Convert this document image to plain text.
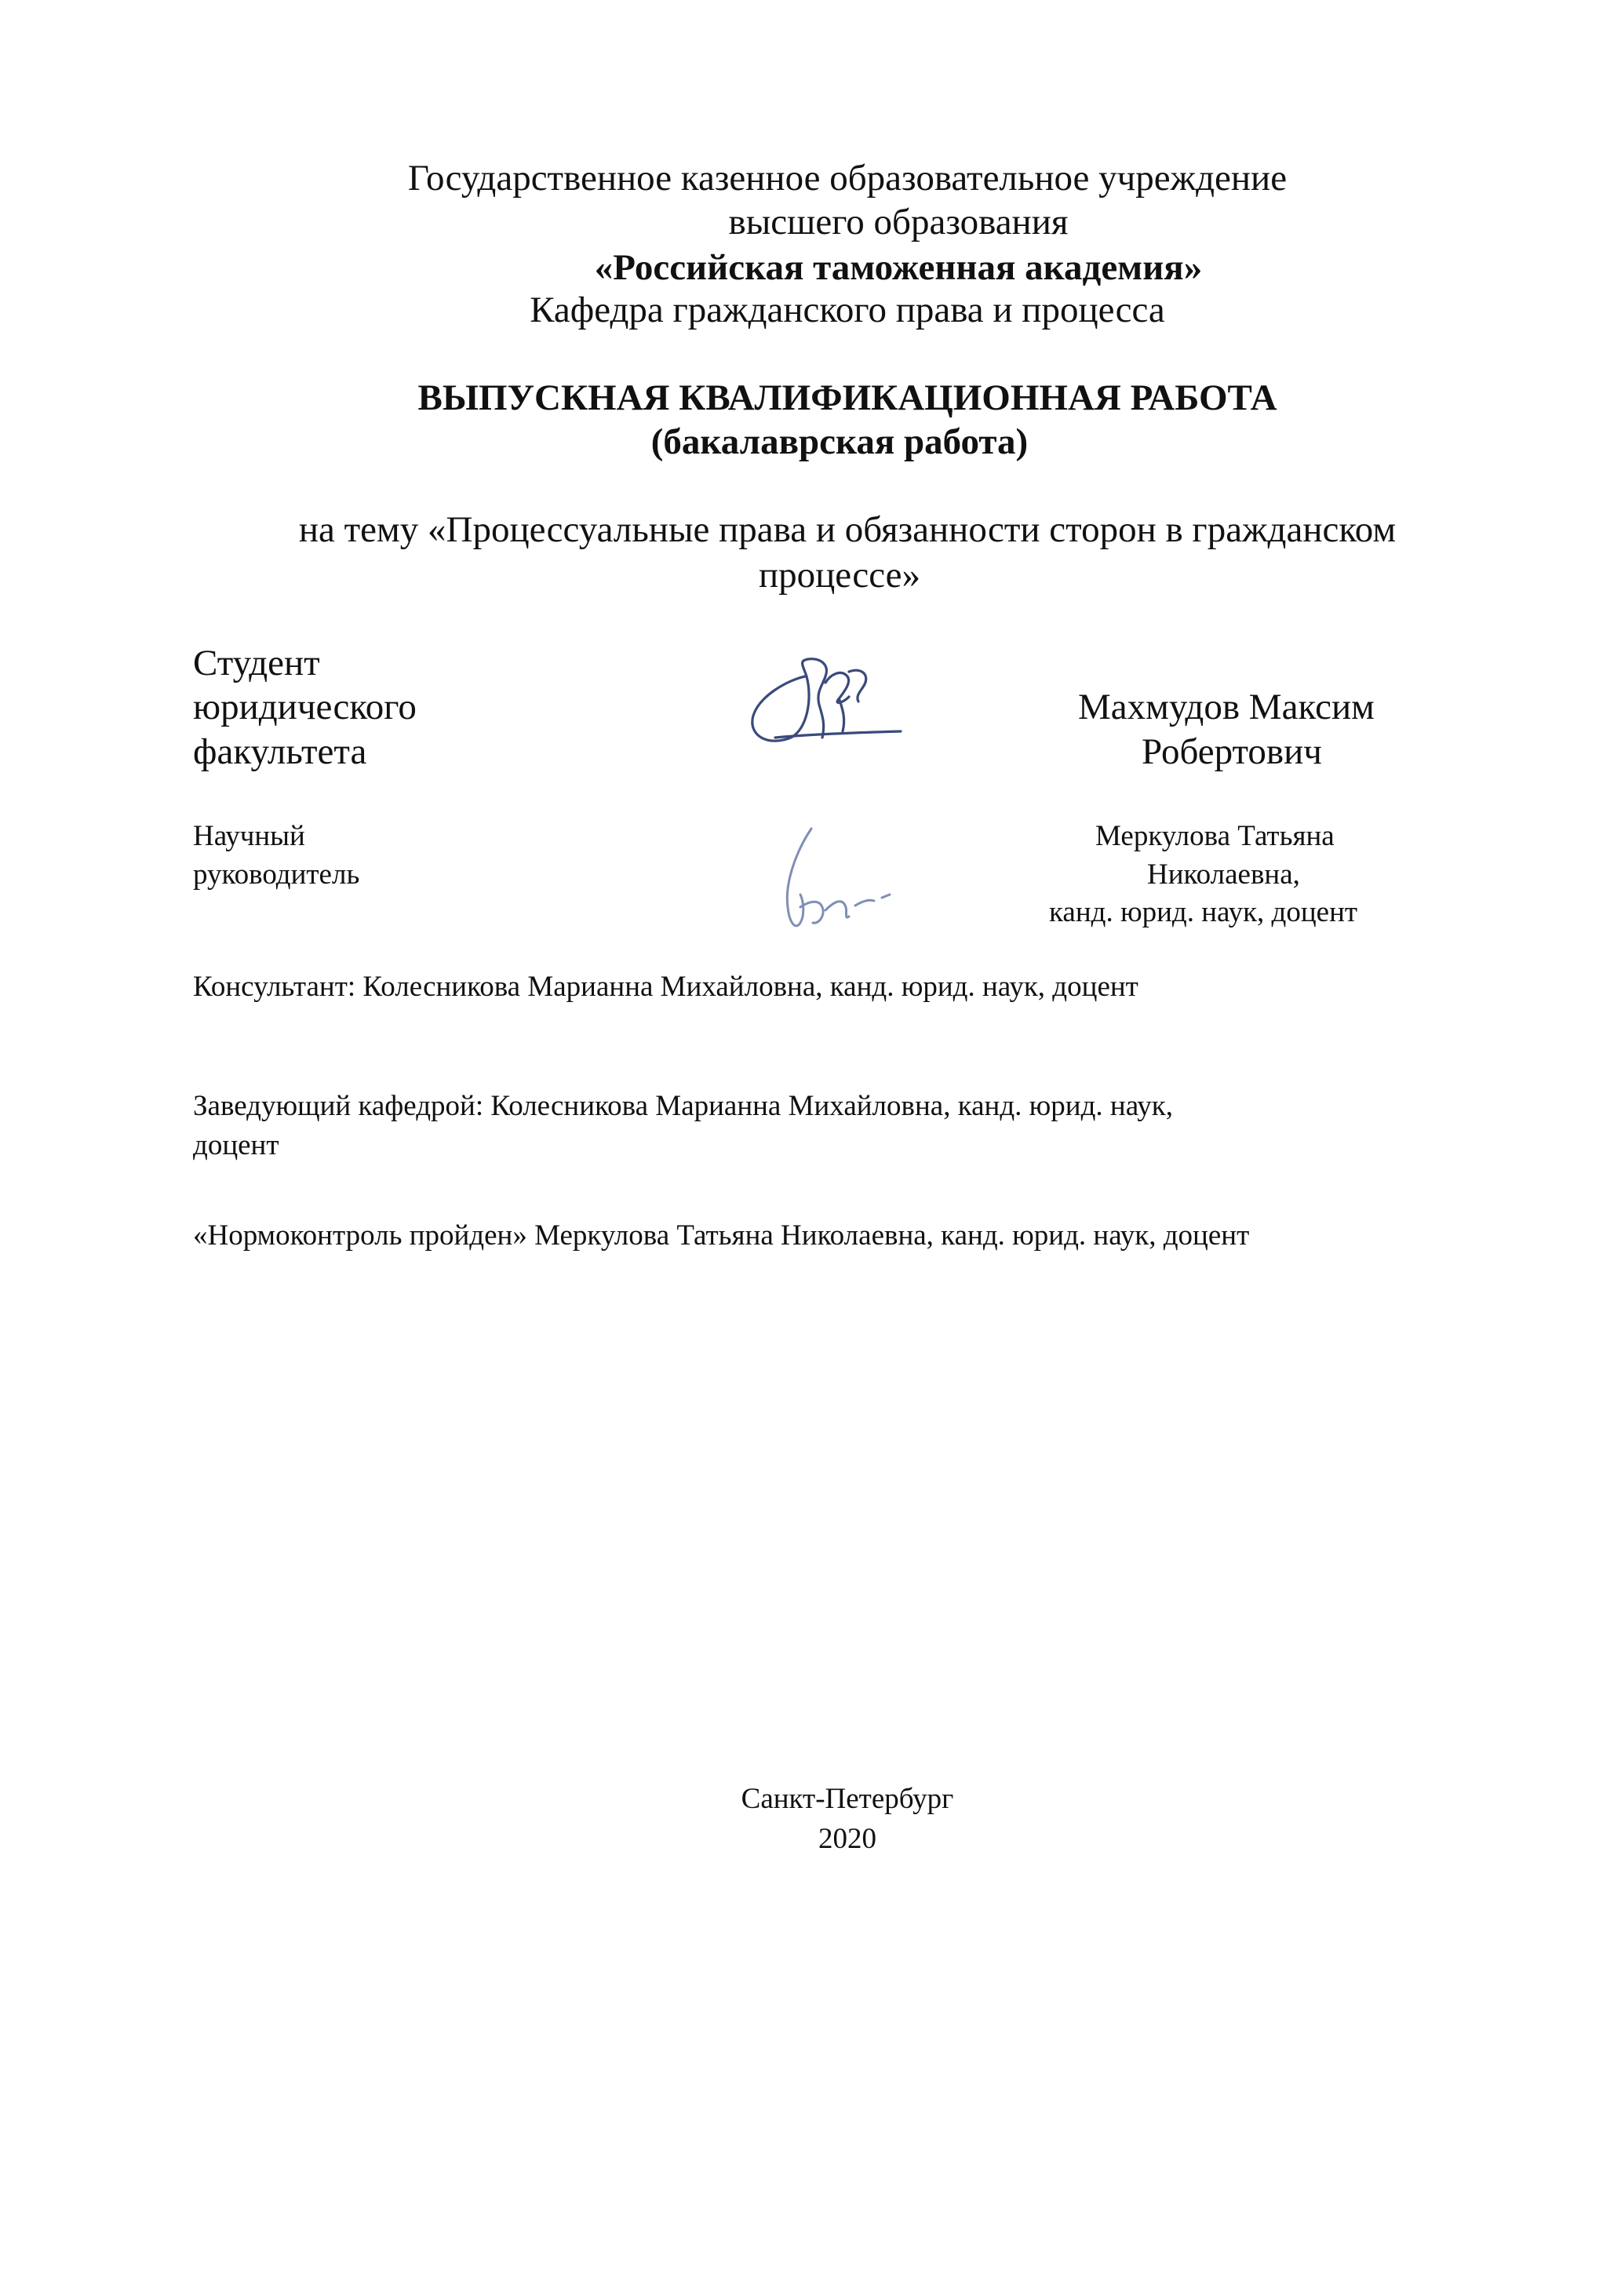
Государственное казенное образовательное учреждение
высшего образования
«Российская таможенная академия»
Кафедра гражданского права и процесса
ВЫПУСКНАЯ КВАЛИФИКАЦИОННАЯ РАБОТА
(бакалаврская работа)
на тему «Процессуальные права и обязанности сторон в гражданском
процессе»
Студент
юридического
факультета
Махмудов Максим
Робертович
Научный
руководитель
Меркулова Татьяна
Николаевна,
канд. юрид. наук, доцент
Консультант: Колесникова Марианна Михайловна, канд. юрид. наук, доцент
Заведующий кафедрой: Колесникова Марианна Михайловна, канд. юрид. наук,
доцент
«Нормоконтроль пройден» Меркулова Татьяна Николаевна, канд. юрид. наук, доцент
Санкт-Петербург
2020
